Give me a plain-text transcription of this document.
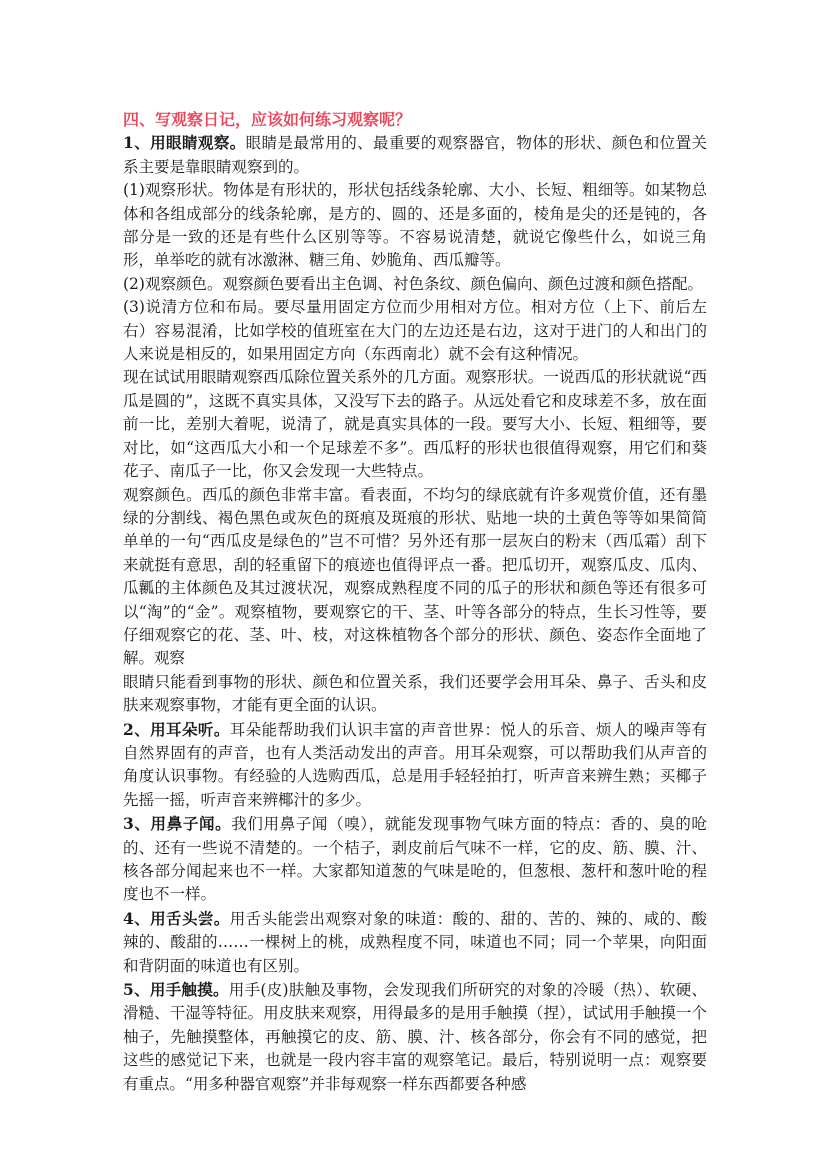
四、写观察日记，应该如何练习观察呢？

1、用眼睛观察。眼睛是最常用的、最重要的观察器官，物体的形状、颜色和位置关系主要是靠眼睛观察到的。

(1)观察形状。物体是有形状的，形状包括线条轮廓、大小、长短、粗细等。如某物总体和各组成部分的线条轮廓，是方的、圆的、还是多面的，棱角是尖的还是钝的，各部分是一致的还是有些什么区别等等。不容易说清楚，就说它像些什么，如说三角形，单举吃的就有冰激淋、糖三角、妙脆角、西瓜瓣等。

(2)观察颜色。观察颜色要看出主色调、衬色条纹、颜色偏向、颜色过渡和颜色搭配。

(3)说清方位和布局。要尽量用固定方位而少用相对方位。相对方位（上下、前后左右）容易混淆，比如学校的值班室在大门的左边还是右边，这对于进门的人和出门的人来说是相反的，如果用固定方向（东西南北）就不会有这种情况。

现在试试用眼睛观察西瓜除位置关系外的几方面。观察形状。一说西瓜的形状就说“西瓜是圆的”，这既不真实具体，又没写下去的路子。从远处看它和皮球差不多，放在面前一比，差别大着呢，说清了，就是真实具体的一段。要写大小、长短、粗细等，要对比，如“这西瓜大小和一个足球差不多”。西瓜籽的形状也很值得观察，用它们和葵花子、南瓜子一比，你又会发现一大些特点。

观察颜色。西瓜的颜色非常丰富。看表面，不均匀的绿底就有许多观赏价值，还有墨绿的分割线、褐色黑色或灰色的斑痕及斑痕的形状、贴地一块的土黄色等等如果简简单单的一句“西瓜皮是绿色的”岂不可惜？另外还有那一层灰白的粉末（西瓜霜）刮下来就挺有意思，刮的轻重留下的痕迹也值得评点一番。把瓜切开，观察瓜皮、瓜肉、瓜瓤的主体颜色及其过渡状况，观察成熟程度不同的瓜子的形状和颜色等还有很多可以“淘”的“金”。观察植物，要观察它的干、茎、叶等各部分的特点，生长习性等，要仔细观察它的花、茎、叶、枝，对这株植物各个部分的形状、颜色、姿态作全面地了解。观察

眼睛只能看到事物的形状、颜色和位置关系，我们还要学会用耳朵、鼻子、舌头和皮肤来观察事物，才能有更全面的认识。

2、用耳朵听。耳朵能帮助我们认识丰富的声音世界：悦人的乐音、烦人的噪声等有自然界固有的声音，也有人类活动发出的声音。用耳朵观察，可以帮助我们从声音的角度认识事物。有经验的人选购西瓜，总是用手轻轻拍打，听声音来辨生熟；买椰子先摇一摇，听声音来辨椰汁的多少。

3、用鼻子闻。我们用鼻子闻（嗅），就能发现事物气味方面的特点：香的、臭的呛的、还有一些说不清楚的。一个桔子，剥皮前后气味不一样，它的皮、筋、膜、汁、核各部分闻起来也不一样。大家都知道葱的气味是呛的，但葱根、葱杆和葱叶呛的程度也不一样。

4、用舌头尝。用舌头能尝出观察对象的味道：酸的、甜的、苦的、辣的、咸的、酸辣的、酸甜的……一棵树上的桃，成熟程度不同，味道也不同；同一个苹果，向阳面和背阴面的味道也有区别。

5、用手触摸。用手(皮)肤触及事物，会发现我们所研究的对象的冷暖（热）、软硬、滑糙、干湿等特征。用皮肤来观察，用得最多的是用手触摸（捏），试试用手触摸一个柚子，先触摸整体，再触摸它的皮、筋、膜、汁、核各部分，你会有不同的感觉，把这些的感觉记下来，也就是一段内容丰富的观察笔记。最后，特别说明一点：观察要有重点。“用多种器官观察”并非每观察一样东西都要各种感
